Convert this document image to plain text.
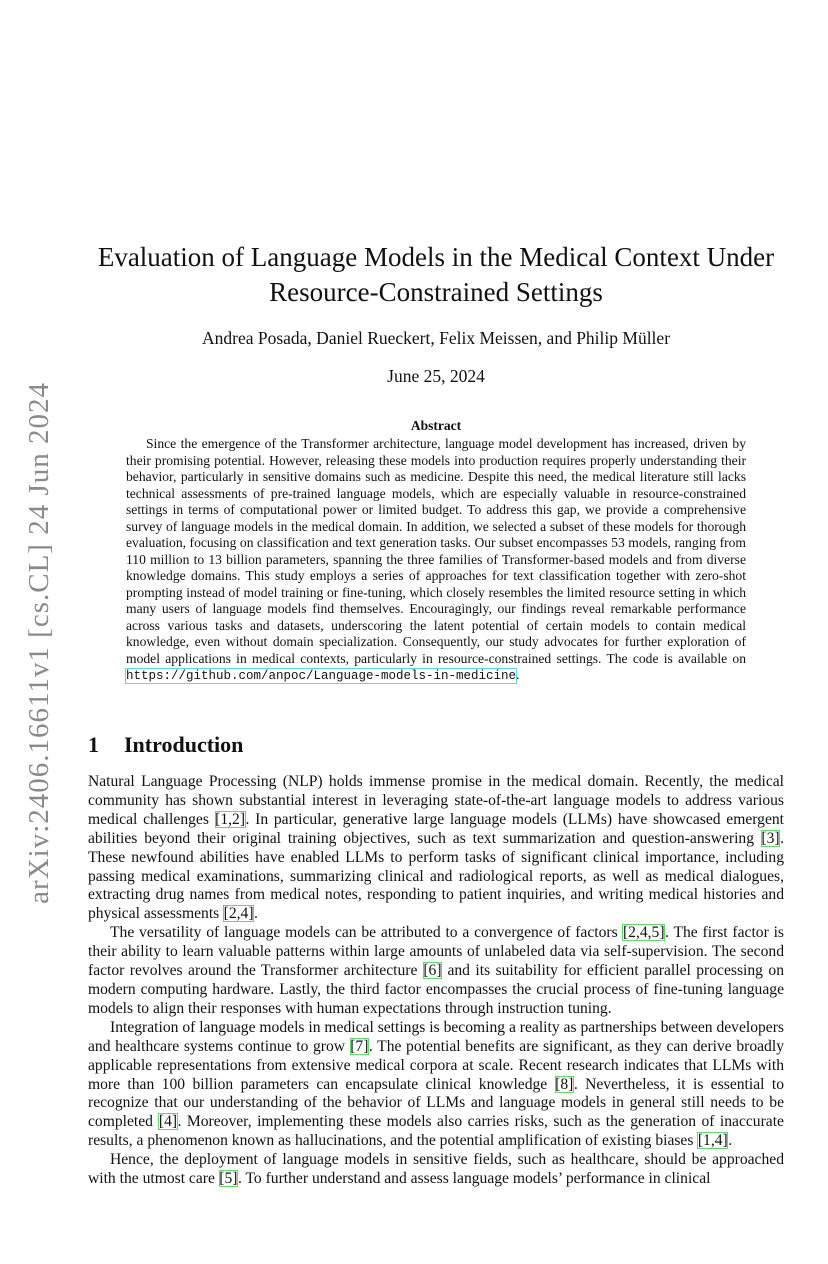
arXiv:2406.16611v1 [cs.CL] 24 Jun 2024
Evaluation of Language Models in the Medical Context Under
Resource-Constrained Settings
Andrea Posada, Daniel Rueckert, Felix Meissen, and Philip Müller
June 25, 2024
Abstract
Since the emergence of the Transformer architecture, language model development has increased, driven by their promising potential. However, releasing these models into production requires properly understanding their behavior, particularly in sensitive domains such as medicine. Despite this need, the medical literature still lacks technical assessments of pre-trained language models, which are especially valuable in resource-constrained settings in terms of computational power or limited budget. To address this gap, we provide a comprehensive survey of language models in the medical domain. In addition, we selected a subset of these models for thorough evaluation, focusing on classification and text generation tasks. Our subset encompasses 53 models, ranging from 110 million to 13 billion parameters, spanning the three families of Transformer-based models and from diverse knowledge domains. This study employs a series of approaches for text classification together with zero-shot prompting instead of model training or fine-tuning, which closely resembles the limited resource setting in which many users of language models find themselves. Encouragingly, our findings reveal remarkable performance across various tasks and datasets, underscoring the latent potential of certain models to contain medical knowledge, even without domain specialization. Consequently, our study advocates for further exploration of model applications in medical contexts, particularly in resource-constrained settings. The code is available on https://github.com/anpoc/Language-models-in-medicine.
1 Introduction

Natural Language Processing (NLP) holds immense promise in the medical domain. Recently, the medical community has shown substantial interest in leveraging state-of-the-art language models to address various medical challenges [1,2]. In particular, generative large language models (LLMs) have showcased emergent abilities beyond their original training objectives, such as text summarization and question-answering [3]. These newfound abilities have enabled LLMs to perform tasks of significant clinical importance, including passing medical examinations, summarizing clinical and radiological reports, as well as medical dialogues, extracting drug names from medical notes, responding to patient inquiries, and writing medical histories and physical assessments [2,4].

The versatility of language models can be attributed to a convergence of factors [2,4,5]. The first factor is their ability to learn valuable patterns within large amounts of unlabeled data via self-supervision. The second factor revolves around the Transformer architecture [6] and its suitability for efficient parallel processing on modern computing hardware. Lastly, the third factor encompasses the crucial process of fine-tuning language models to align their responses with human expectations through instruction tuning.

Integration of language models in medical settings is becoming a reality as partnerships between developers and healthcare systems continue to grow [7]. The potential benefits are significant, as they can derive broadly applicable representations from extensive medical corpora at scale. Recent research indicates that LLMs with more than 100 billion parameters can encapsulate clinical knowledge [8]. Nevertheless, it is essential to recognize that our understanding of the behavior of LLMs and language models in general still needs to be completed [4]. Moreover, implementing these models also carries risks, such as the generation of inaccurate results, a phenomenon known as hallucinations, and the potential amplification of existing biases [1,4].

Hence, the deployment of language models in sensitive fields, such as healthcare, should be approached with the utmost care [5]. To further understand and assess language models’ performance in clinical
